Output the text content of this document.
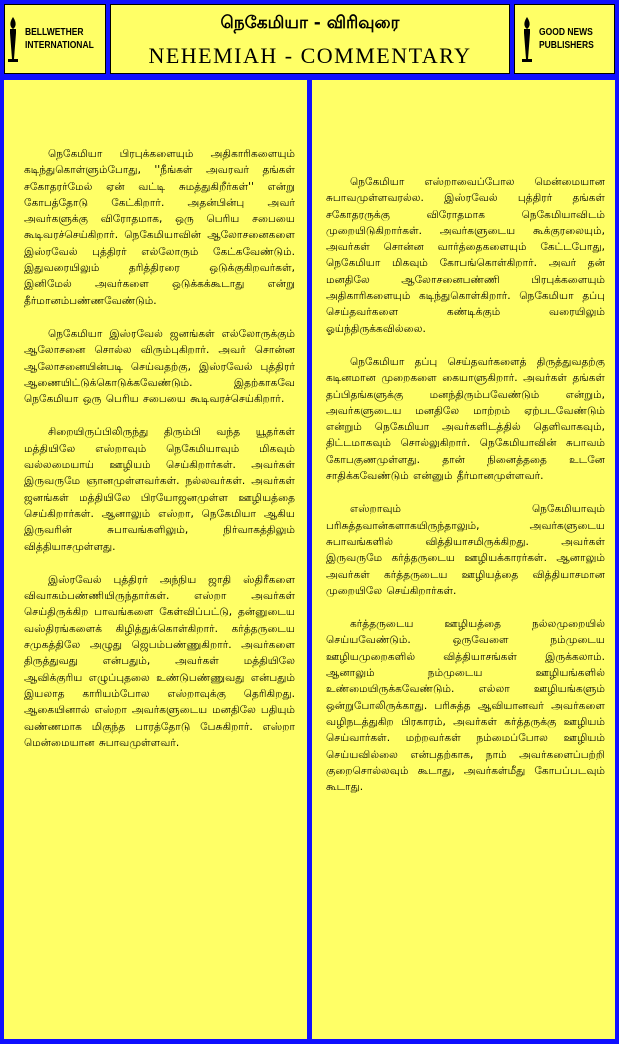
BELLWETHER INTERNATIONAL
நெகேமியா - விரிவுரை
NEHEMIAH - COMMENTARY
GOOD NEWS PUBLISHERS

நெகேமியா பிரபுக்களையும் அதிகாரிகளையும் கடிந்துகொள்ளும்போது, ''நீங்கள் அவரவர் தங்கள் சகோதரர்மேல் ஏன் வட்டி சுமத்துகிறீர்கள்'' என்று கோபத்தோடு கேட்கிறார். அதன்பின்பு அவர் அவர்களுக்கு விரோதமாக, ஒரு பெரிய சபையை கூடிவரச்செய்கிறார். நெகேமியாவின் ஆலோசனைகளை இஸ்ரவேல் புத்திரர் எல்லோரும் கேட்கவேண்டும். இதுவரையிலும் தரித்திரரை ஒடுக்குகிறவர்கள், இனிமேல் அவர்களை ஒடுக்கக்கூடாது என்று தீர்மானம்பண்ணவேண்டும்.

நெகேமியா இஸ்ரவேல் ஜனங்கள் எல்லோருக்கும் ஆலோசனை சொல்ல விரும்புகிறார். அவர் சொன்ன ஆலோசனையின்படி செய்வதற்கு, இஸ்ரவேல் புத்திரர் ஆணையிட்டுக்கொடுக்கவேண்டும். இதற்காகவே நெகேமியா ஒரு பெரிய சபையை கூடிவரச்செய்கிறார்.

சிறையிருப்பிலிருந்து திரும்பி வந்த யூதர்கள் மத்தியிலே எஸ்றாவும் நெகேமியாவும் மிகவும் வல்லமையாய் ஊழியம் செய்கிறார்கள். அவர்கள் இருவருமே ஞானமுள்ளவர்கள். நல்லவர்கள். அவர்கள் ஜனங்கள் மத்தியிலே பிரயோஜனமுள்ள ஊழியத்தை செய்கிறார்கள். ஆனாலும் எஸ்றா, நெகேமியா ஆகிய இருவரின் சுபாவங்களிலும், நிர்வாகத்திலும் வித்தியாசமுள்ளது.

இஸ்ரவேல் புத்திரர் அந்நிய ஜாதி ஸ்திரீகளை விவாகம்பண்ணியிருந்தார்கள். எஸ்றா அவர்கள் செய்திருக்கிற பாவங்களை கேள்விப்பட்டு, தன்னுடைய வஸ்திரங்களைக் கிழித்துக்கொள்கிறார். கர்த்தருடைய சமுகத்திலே அழுது ஜெபம்பண்ணுகிறார். அவர்களை திருத்துவது என்பதும், அவர்கள் மத்தியிலே ஆவிக்குரிய எழுப்புதலை உண்டுபண்ணுவது என்பதும் இயலாத காரியம்போல எஸ்றாவுக்கு தெரிகிறது. ஆகையினால் எஸ்றா அவர்களுடைய மனதிலே பதியும் வண்ணமாக மிகுந்த பாரத்தோடு பேசுகிறார். எஸ்றா மென்மையான சுபாவமுள்ளவர்.

நெகேமியா எஸ்றாவைப்போல மென்மையான சுபாவமுள்ளவரல்ல. இஸ்ரவேல் புத்திரர் தங்கள் சகோதரருக்கு விரோதமாக நெகேமியாவிடம் முறையிடுகிறார்கள். அவர்களுடைய கூக்குரலையும், அவர்கள் சொன்ன வார்த்தைகளையும் கேட்டபோது, நெகேமியா மிகவும் கோபங்கொள்கிறார். அவர் தன் மனதிலே ஆலோசனைபண்ணி பிரபுக்களையும் அதிகாரிகளையும் கடிந்துகொள்கிறார். நெகேமியா தப்பு செய்தவர்களை கண்டிக்கும் வரையிலும் ஓய்ந்திருக்கவில்லை.

நெகேமியா தப்பு செய்தவர்களைத் திருத்துவதற்கு கடினமான முறைகளை கையாளுகிறார். அவர்கள் தங்கள் தப்பிதங்களுக்கு மனந்திரும்பவேண்டும் என்றும், அவர்களுடைய மனதிலே மாற்றம் ஏற்படவேண்டும் என்றும் நெகேமியா அவர்களிடத்தில் தெளிவாகவும், திட்டமாகவும் சொல்லுகிறார். நெகேமியாவின் சுபாவம் கோபகுணமுள்ளது. தான் நினைத்ததை உடனே சாதிக்கவேண்டும் என்னும் தீர்மானமுள்ளவர்.

எஸ்றாவும் நெகேமியாவும் பரிசுத்தவான்களாகயிருந்தாலும், அவர்களுடைய சுபாவங்களில் வித்தியாசமிருக்கிறது. அவர்கள் இருவருமே கர்த்தருடைய ஊழியக்காரர்கள். ஆனாலும் அவர்கள் கர்த்தருடைய ஊழியத்தை வித்தியாசமான முறையிலே செய்கிறார்கள்.

கர்த்தருடைய ஊழியத்தை நல்லமுறையில் செய்யவேண்டும். ஒருவேளை நம்முடைய ஊழியமுறைகளில் வித்தியாசங்கள் இருக்கலாம். ஆனாலும் நம்முடைய ஊழியங்களில் உண்மையிருக்கவேண்டும். எல்லா ஊழியங்களும் ஒன்றுபோலிருக்காது. பரிசுத்த ஆவியானவர் அவர்களை வழிநடத்துகிற பிரகாரம், அவர்கள் கர்த்தருக்கு ஊழியம் செய்வார்கள். மற்றவர்கள் நம்மைப்போல ஊழியம் செய்யவில்லை என்பதற்காக, நாம் அவர்களைப்பற்றி குறைசொல்லவும் கூடாது, அவர்கள்மீது கோபப்படவும் கூடாது.
